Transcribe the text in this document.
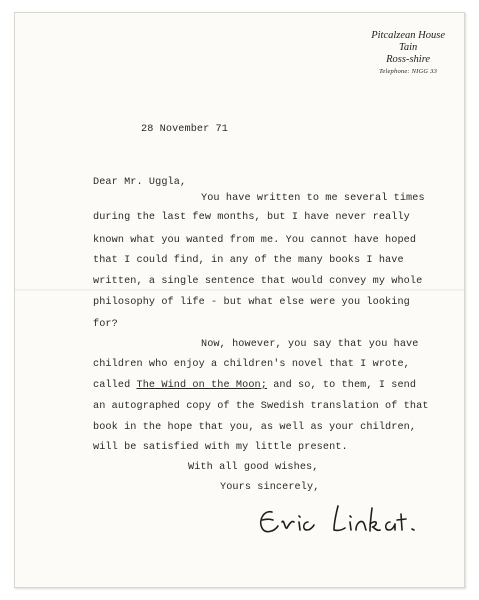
Pitcalzean House
Tain
Ross-shire
Telephone: NIGG 33
28 November 71
Dear Mr. Uggla,
You have written to me several times
during the last few months, but I have never really
known what you wanted from me. You cannot have hoped
that I could find, in any of the many books I have
written, a single sentence that would convey my whole
philosophy of life - but what else were you looking
for?
Now, however, you say that you have
children who enjoy a children's novel that I wrote,
called The Wind on the Moon; and so, to them, I send
an autographed copy of the Swedish translation of that
book in the hope that you, as well as your children,
will be satisfied with my little present.
With all good wishes,
Yours sincerely,
